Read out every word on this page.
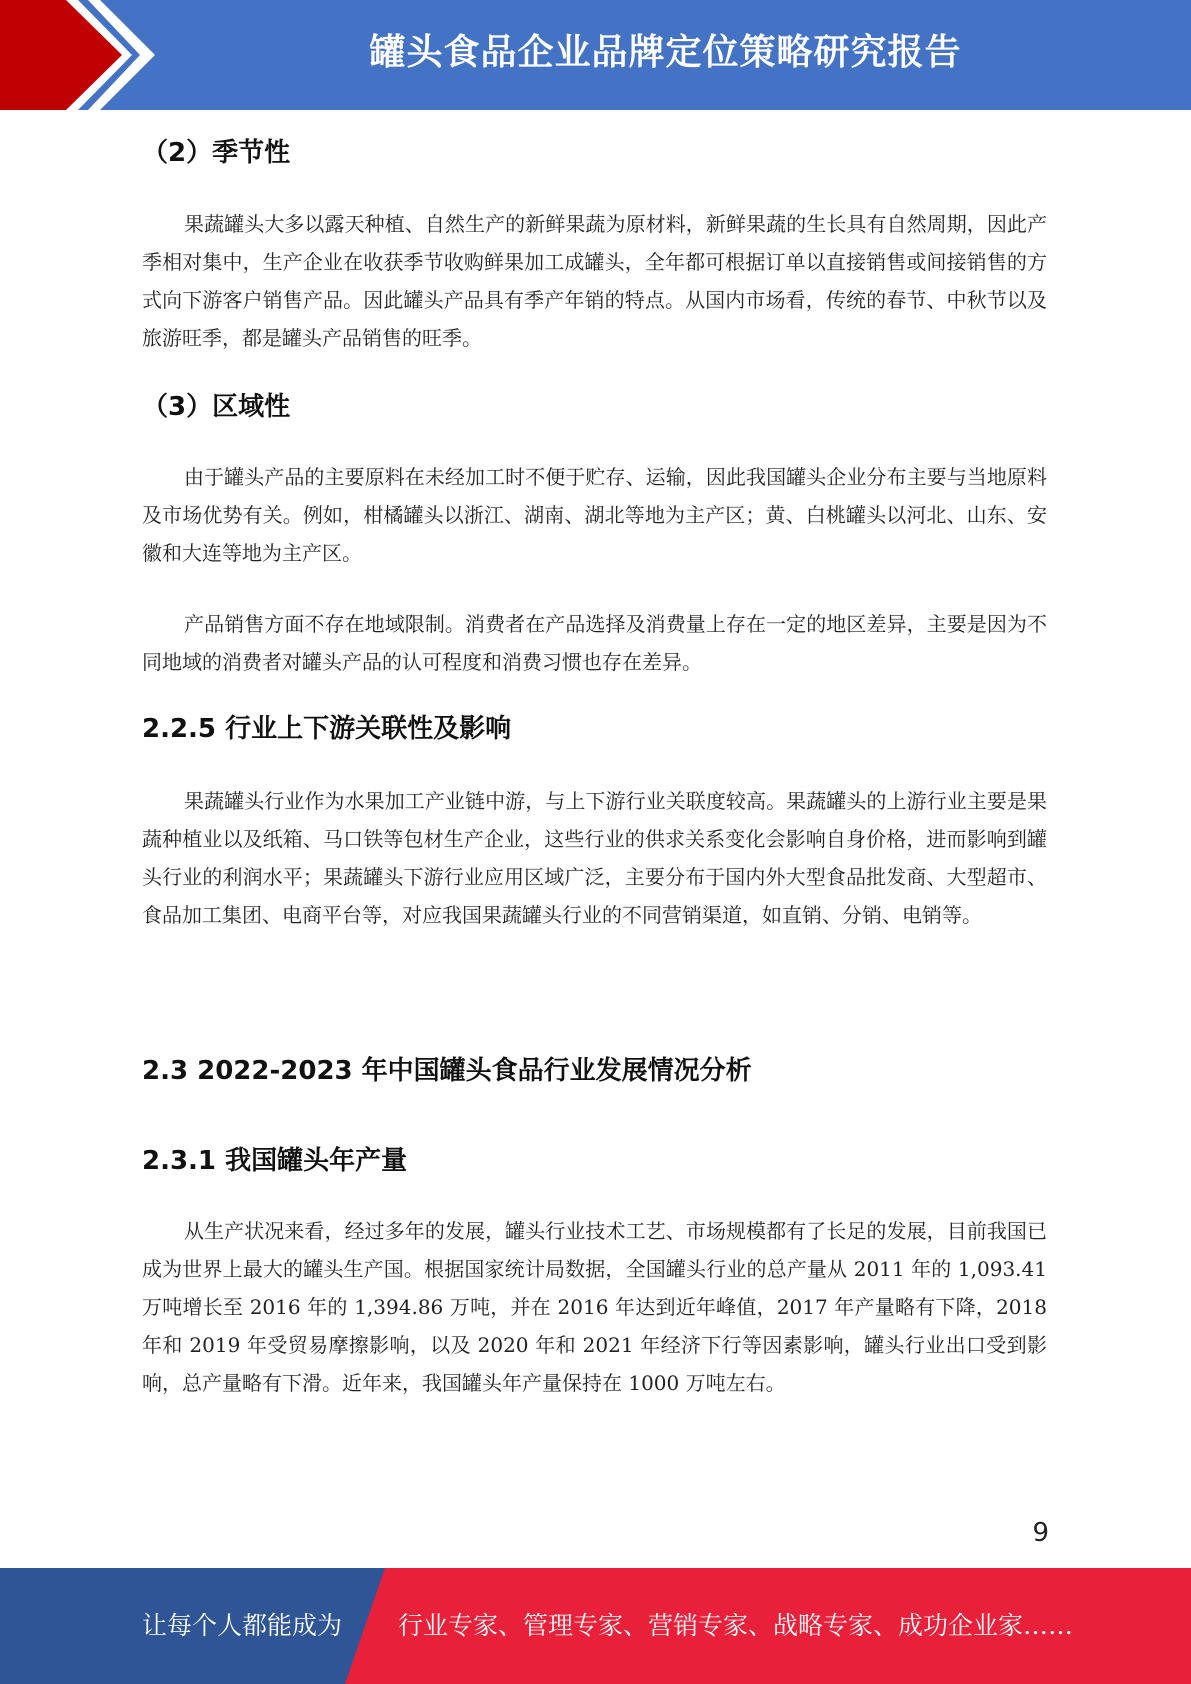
罐头食品企业品牌定位策略研究报告
（2）季节性
果蔬罐头大多以露天种植、自然生产的新鲜果蔬为原材料，新鲜果蔬的生长具有自然周期，因此产季相对集中，生产企业在收获季节收购鲜果加工成罐头，全年都可根据订单以直接销售或间接销售的方式向下游客户销售产品。因此罐头产品具有季产年销的特点。从国内市场看，传统的春节、中秋节以及旅游旺季，都是罐头产品销售的旺季。
（3）区域性
由于罐头产品的主要原料在未经加工时不便于贮存、运输，因此我国罐头企业分布主要与当地原料及市场优势有关。例如，柑橘罐头以浙江、湖南、湖北等地为主产区；黄、白桃罐头以河北、山东、安徽和大连等地为主产区。
产品销售方面不存在地域限制。消费者在产品选择及消费量上存在一定的地区差异，主要是因为不同地域的消费者对罐头产品的认可程度和消费习惯也存在差异。
2.2.5 行业上下游关联性及影响
果蔬罐头行业作为水果加工产业链中游，与上下游行业关联度较高。果蔬罐头的上游行业主要是果蔬种植业以及纸箱、马口铁等包材生产企业，这些行业的供求关系变化会影响自身价格，进而影响到罐头行业的利润水平；果蔬罐头下游行业应用区域广泛，主要分布于国内外大型食品批发商、大型超市、食品加工集团、电商平台等，对应我国果蔬罐头行业的不同营销渠道，如直销、分销、电销等。
2.3 2022-2023 年中国罐头食品行业发展情况分析
2.3.1 我国罐头年产量
从生产状况来看，经过多年的发展，罐头行业技术工艺、市场规模都有了长足的发展，目前我国已成为世界上最大的罐头生产国。根据国家统计局数据，全国罐头行业的总产量从 2011 年的 1,093.41 万吨增长至 2016 年的 1,394.86 万吨，并在 2016 年达到近年峰值，2017 年产量略有下降，2018 年和 2019 年受贸易摩擦影响，以及 2020 年和 2021 年经济下行等因素影响，罐头行业出口受到影响，总产量略有下滑。近年来，我国罐头年产量保持在 1000 万吨左右。
9
让每个人都能成为 行业专家、管理专家、营销专家、战略专家、成功企业家……
